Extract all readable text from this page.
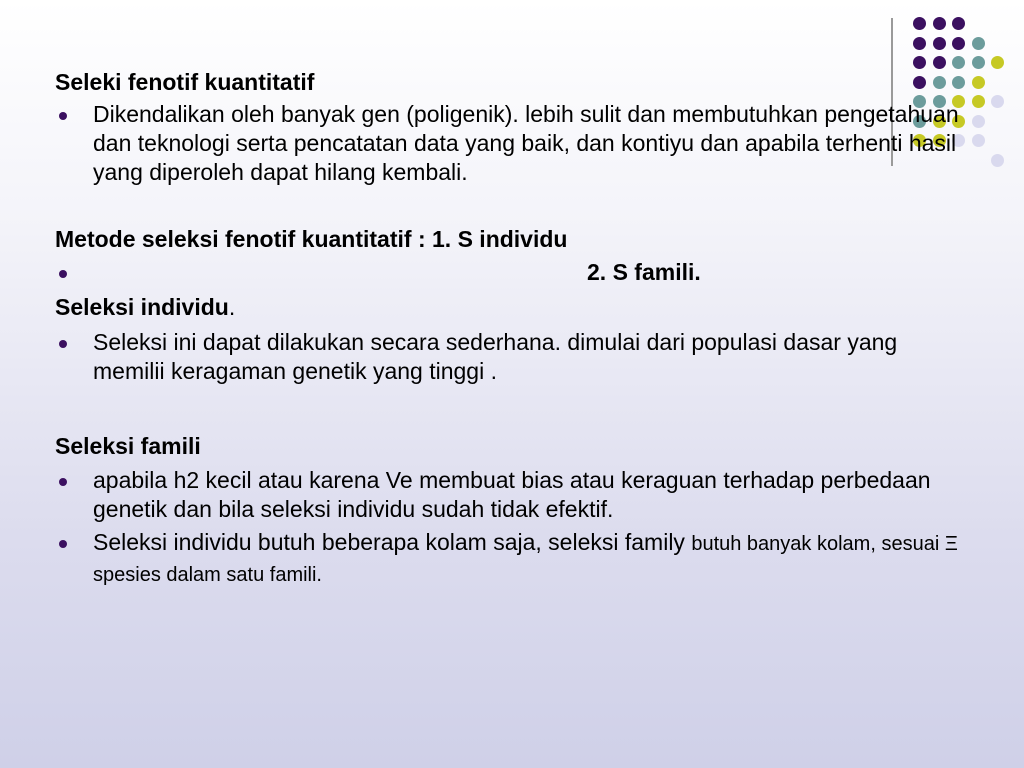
Seleki fenotif kuantitatif

Dikendalikan oleh banyak gen (poligenik). lebih sulit dan membutuhkan pengetahuan dan teknologi serta pencatatan data yang baik, dan kontiyu dan apabila terhenti hasil yang diperoleh dapat hilang kembali.

Metode seleksi fenotif kuantitatif : 1. S individu

2. S famili.

Seleksi individu.

Seleksi ini dapat dilakukan secara sederhana. dimulai dari populasi dasar yang memilii keragaman genetik yang tinggi .

Seleksi famili

apabila h2 kecil atau karena Ve membuat bias atau keraguan terhadap perbedaan genetik dan bila seleksi individu sudah tidak efektif.

Seleksi individu butuh beberapa kolam saja, seleksi family butuh banyak kolam, sesuai Ξ spesies dalam satu famili.
